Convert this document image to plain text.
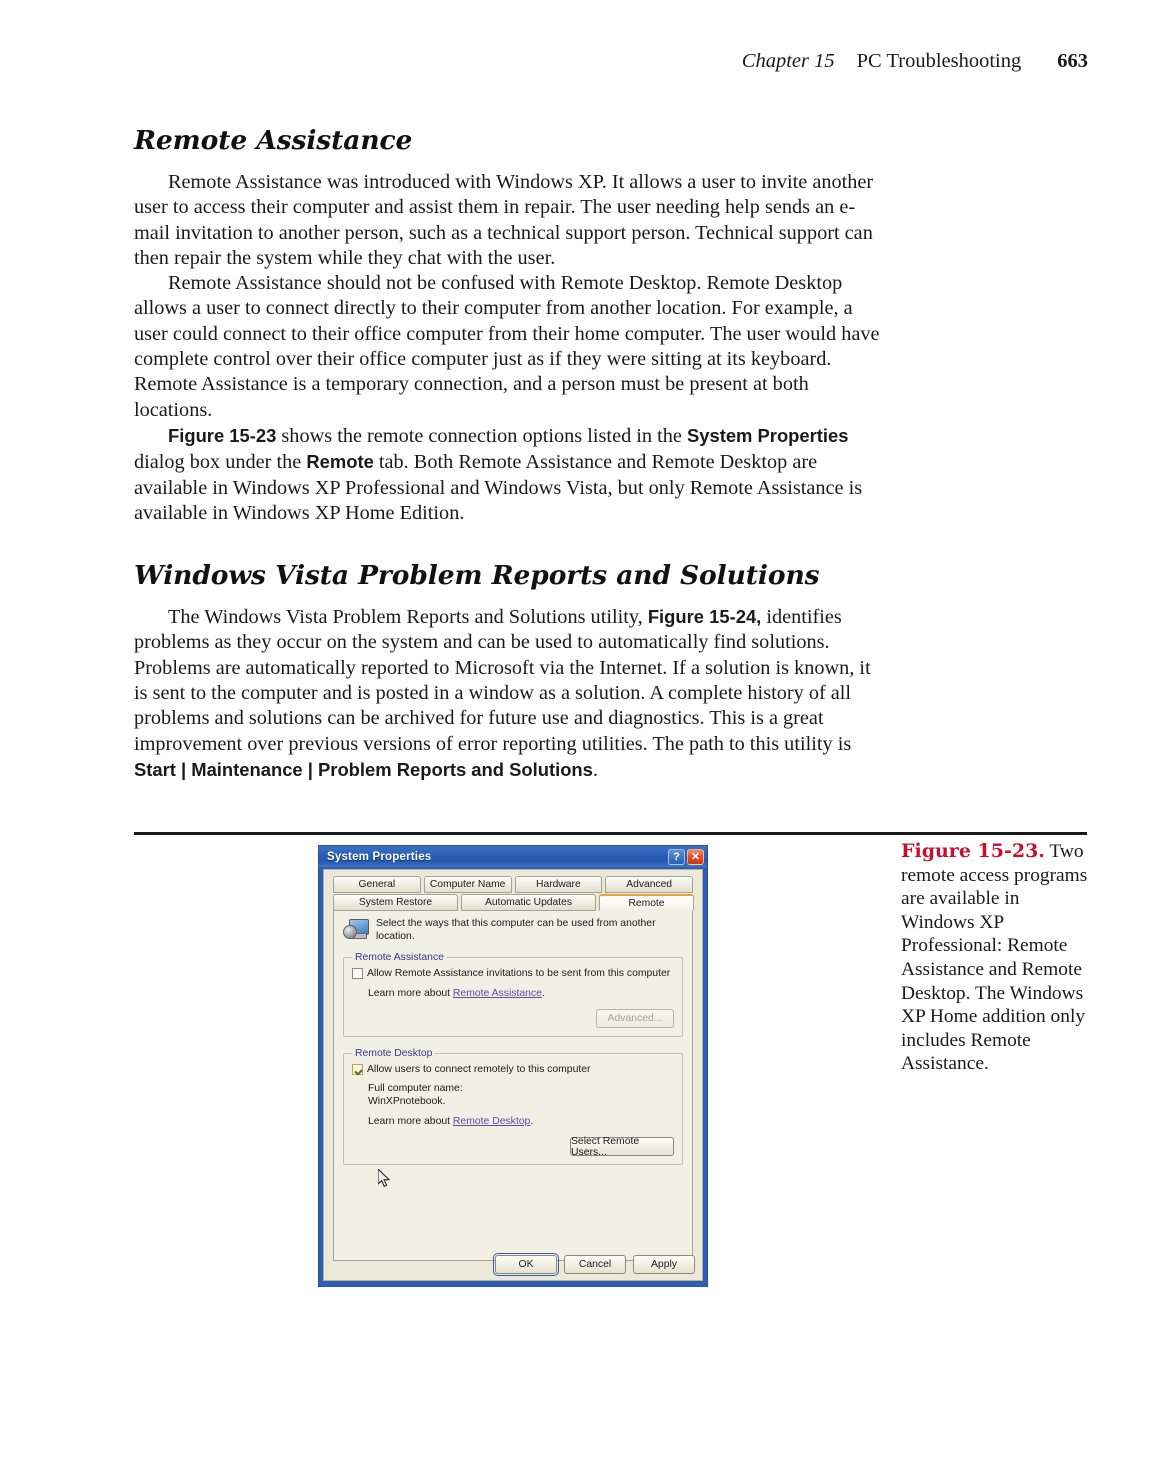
Chapter 15 PC Troubleshooting 663
Remote Assistance

Remote Assistance was introduced with Windows XP. It allows a user to invite another user to access their computer and assist them in repair. The user needing help sends an e-mail invitation to another person, such as a technical support person. Technical support can then repair the system while they chat with the user.

Remote Assistance should not be confused with Remote Desktop. Remote Desktop allows a user to connect directly to their computer from another location. For example, a user could connect to their office computer from their home computer. The user would have complete control over their office computer just as if they were sitting at its keyboard. Remote Assistance is a temporary connection, and a person must be present at both locations.

Figure 15-23 shows the remote connection options listed in the System Properties dialog box under the Remote tab. Both Remote Assistance and Remote Desktop are available in Windows XP Professional and Windows Vista, but only Remote Assistance is available in Windows XP Home Edition.

Windows Vista Problem Reports and Solutions

The Windows Vista Problem Reports and Solutions utility, Figure 15-24, identifies problems as they occur on the system and can be used to automatically find solutions. Problems are automatically reported to Microsoft via the Internet. If a solution is known, it is sent to the computer and is posted in a window as a solution. A complete history of all problems and solutions can be archived for future use and diagnostics. This is a great improvement over previous versions of error reporting utilities. The path to this utility is Start | Maintenance | Problem Reports and Solutions.

Figure 15-23. Two remote access programs are available in Windows XP Professional: Remote Assistance and Remote Desktop. The Windows XP Home addition only includes Remote Assistance.
System Properties	?	✕
General	Computer Name	Hardware	Advanced
System Restore	Automatic Updates	Remote
Select the ways that this computer can be used from another location.
Remote Assistance
Allow Remote Assistance invitations to be sent from this computer
Learn more about Remote Assistance.
Advanced...
Remote Desktop
Allow users to connect remotely to this computer
Full computer name:
WinXPnotebook.
Learn more about Remote Desktop.
Select Remote Users...
OK	Cancel	Apply
